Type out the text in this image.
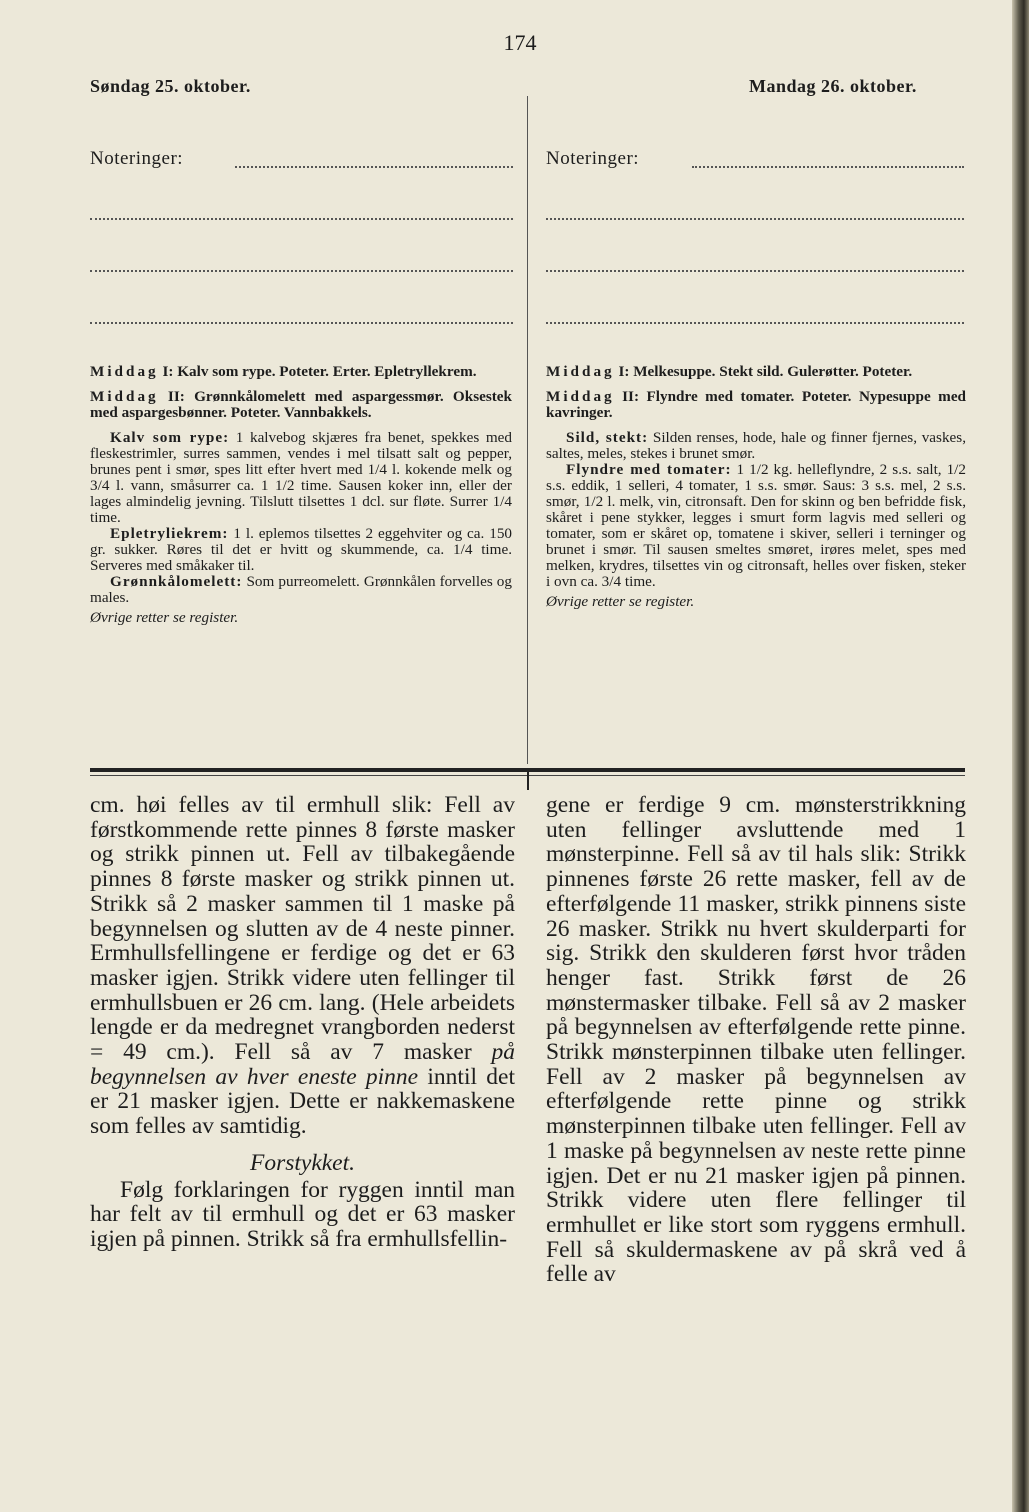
174
Søndag 25. oktober.	Mandag 26. oktober.
Noteringer:	Noteringer:

Middag I: Kalv som rype. Poteter. Erter. Epletryllekrem.

Middag II: Grønnkålomelett med aspargessmør. Oksestek med aspargesbønner. Poteter. Vannbakkels.

Kalv som rype: 1 kalvebog skjæres fra benet, spekkes med fleskestrimler, surres sammen, vendes i mel tilsatt salt og pepper, brunes pent i smør, spes litt efter hvert med 1/4 l. kokende melk og 3/4 l. vann, småsurrer ca. 1 1/2 time. Sausen koker inn, eller der lages almindelig jevning. Tilslutt tilsettes 1 dcl. sur fløte. Surrer 1/4 time.

Epletryliekrem: 1 l. eplemos tilsettes 2 eggehviter og ca. 150 gr. sukker. Røres til det er hvitt og skummende, ca. 1/4 time. Serveres med småkaker til.

Grønnkålomelett: Som purreomelett. Grønnkålen forvelles og males.

Øvrige retter se register.

Middag I: Melkesuppe. Stekt sild. Gulerøtter. Poteter.

Middag II: Flyndre med tomater. Poteter. Nypesuppe med kavringer.

Sild, stekt: Silden renses, hode, hale og finner fjernes, vaskes, saltes, meles, stekes i brunet smør.

Flyndre med tomater: 1 1/2 kg. helleflyndre, 2 s.s. salt, 1/2 s.s. eddik, 1 selleri, 4 tomater, 1 s.s. smør. Saus: 3 s.s. mel, 2 s.s. smør, 1/2 l. melk, vin, citronsaft. Den for skinn og ben befridde fisk, skåret i pene stykker, legges i smurt form lagvis med selleri og tomater, som er skåret op, tomatene i skiver, selleri i terninger og brunet i smør. Til sausen smeltes smøret, irøres melet, spes med melken, krydres, tilsettes vin og citronsaft, helles over fisken, steker i ovn ca. 3/4 time.

Øvrige retter se register.

cm. høi felles av til ermhull slik: Fell av førstkommende rette pinnes 8 første masker og strikk pinnen ut. Fell av tilbakegående pinnes 8 første masker og strikk pinnen ut. Strikk så 2 masker sammen til 1 maske på begynnelsen og slutten av de 4 neste pinner. Ermhullsfellingene er ferdige og det er 63 masker igjen. Strikk videre uten fellinger til ermhullsbuen er 26 cm. lang. (Hele arbeidets lengde er da medregnet vrangborden nederst = 49 cm.). Fell så av 7 masker på begynnelsen av hver eneste pinne inntil det er 21 masker igjen. Dette er nakkemaskene som felles av samtidig.

Forstykket.

Følg forklaringen for ryggen inntil man har felt av til ermhull og det er 63 masker igjen på pinnen. Strikk så fra ermhullsfellin-

gene er ferdige 9 cm. mønsterstrikkning uten fellinger avsluttende med 1 mønsterpinne. Fell så av til hals slik: Strikk pinnenes første 26 rette masker, fell av de efterfølgende 11 masker, strikk pinnens siste 26 masker. Strikk nu hvert skulderparti for sig. Strikk den skulderen først hvor tråden henger fast. Strikk først de 26 mønstermasker tilbake. Fell så av 2 masker på begynnelsen av efterfølgende rette pinne. Strikk mønsterpinnen tilbake uten fellinger. Fell av 2 masker på begynnelsen av efterfølgende rette pinne og strikk mønsterpinnen tilbake uten fellinger. Fell av 1 maske på begynnelsen av neste rette pinne igjen. Det er nu 21 masker igjen på pinnen. Strikk videre uten flere fellinger til ermhullet er like stort som ryggens ermhull. Fell så skuldermaskene av på skrå ved å felle av
